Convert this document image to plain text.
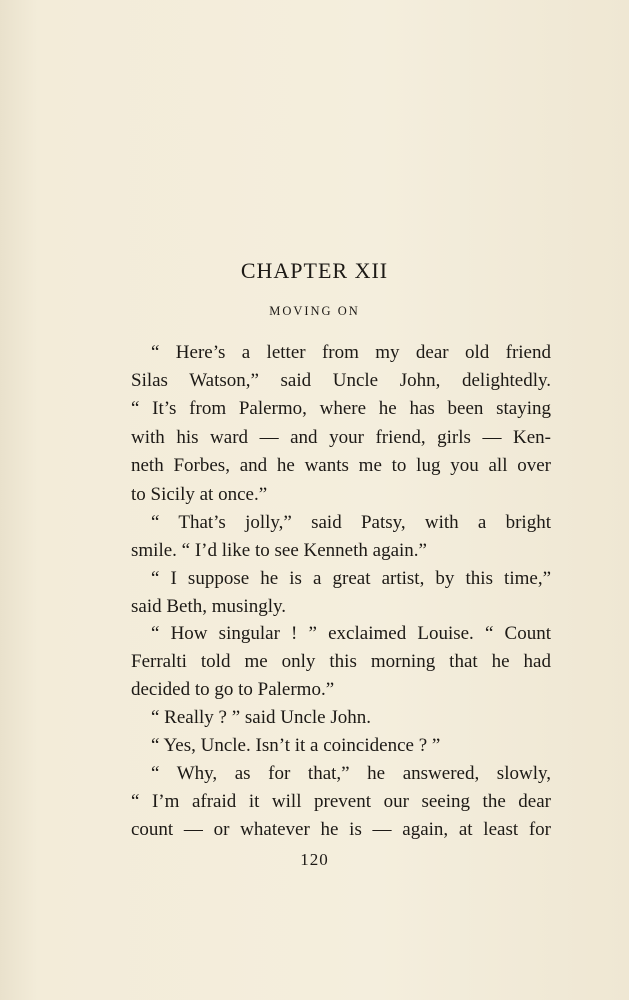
CHAPTER XII
MOVING ON
“ Here’s a letter from my dear old friend
Silas Watson,” said Uncle John, delightedly.
“ It’s from Palermo, where he has been staying
with his ward — and your friend, girls — Ken-
neth Forbes, and he wants me to lug you all over
to Sicily at once.”
“ That’s jolly,” said Patsy, with a bright
smile. “ I’d like to see Kenneth again.”
“ I suppose he is a great artist, by this time,”
said Beth, musingly.
“ How singular ! ” exclaimed Louise. “ Count
Ferralti told me only this morning that he had
decided to go to Palermo.”
“ Really ? ” said Uncle John.
“ Yes, Uncle. Isn’t it a coincidence ? ”
“ Why, as for that,” he answered, slowly,
“ I’m afraid it will prevent our seeing the dear
count — or whatever he is — again, at least for
120
